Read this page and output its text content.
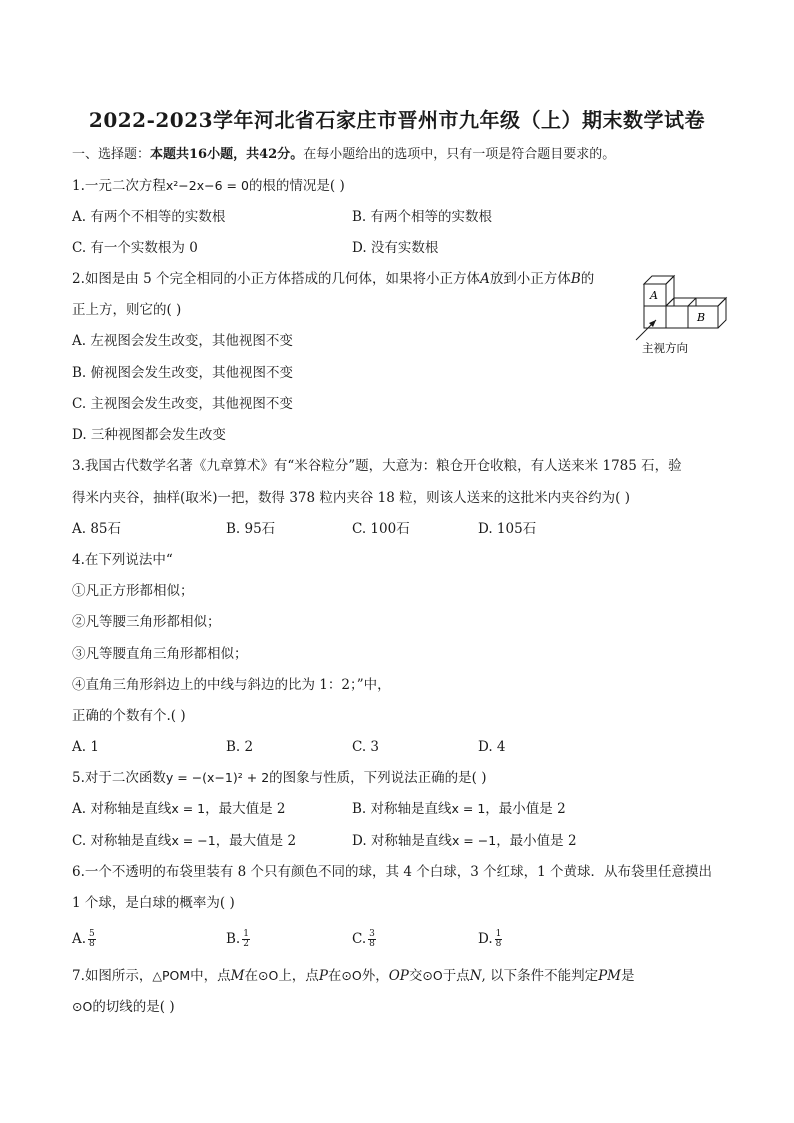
2022-2023学年河北省石家庄市晋州市九年级（上）期末数学试卷
一、选择题：本题共16小题，共42分。在每小题给出的选项中，只有一项是符合题目要求的。
1.一元二次方程x²−2x−6 = 0的根的情况是( )
A. 有两个不相等的实数根	B. 有两个相等的实数根
C. 有一个实数根为 0	D. 没有实数根
2.如图是由 5 个完全相同的小正方体搭成的几何体，如果将小正方体A放到小正方体B的
正上方，则它的( )
A. 左视图会发生改变，其他视图不变
B. 俯视图会发生改变，其他视图不变
C. 主视图会发生改变，其他视图不变
D. 三种视图都会发生改变
A
B
主视方向
3.我国古代数学名著《九章算术》有“米谷粒分”题，大意为：粮仓开仓收粮，有人送来米 1785 石，验
得米内夹谷，抽样(取米)一把，数得 378 粒内夹谷 18 粒，则该人送来的这批米内夹谷约为( )
A. 85石	B. 95石	C. 100石	D. 105石
4.在下列说法中“
①凡正方形都相似；
②凡等腰三角形都相似；
③凡等腰直角三角形都相似；
④直角三角形斜边上的中线与斜边的比为 1：2；”中，
正确的个数有个.( )
A. 1	B. 2	C. 3	D. 4
5.对于二次函数y = −(x−1)² + 2的图象与性质，下列说法正确的是( )
A. 对称轴是直线x = 1，最大值是 2	B. 对称轴是直线x = 1，最小值是 2
C. 对称轴是直线x = −1，最大值是 2	D. 对称轴是直线x = −1，最小值是 2
6.一个不透明的布袋里装有 8 个只有颜色不同的球，其 4 个白球，3 个红球，1 个黄球．从布袋里任意摸出
1 个球，是白球的概率为( )
A. $\frac{5}{8}$	B. $\frac{1}{2}$	C. $\frac{3}{8}$	D. $\frac{1}{8}$
7.如图所示，△POM中，点M在⊙O上，点P在⊙O外，OP交⊙O于点N, 以下条件不能判定PM是
⊙O的切线的是( )
